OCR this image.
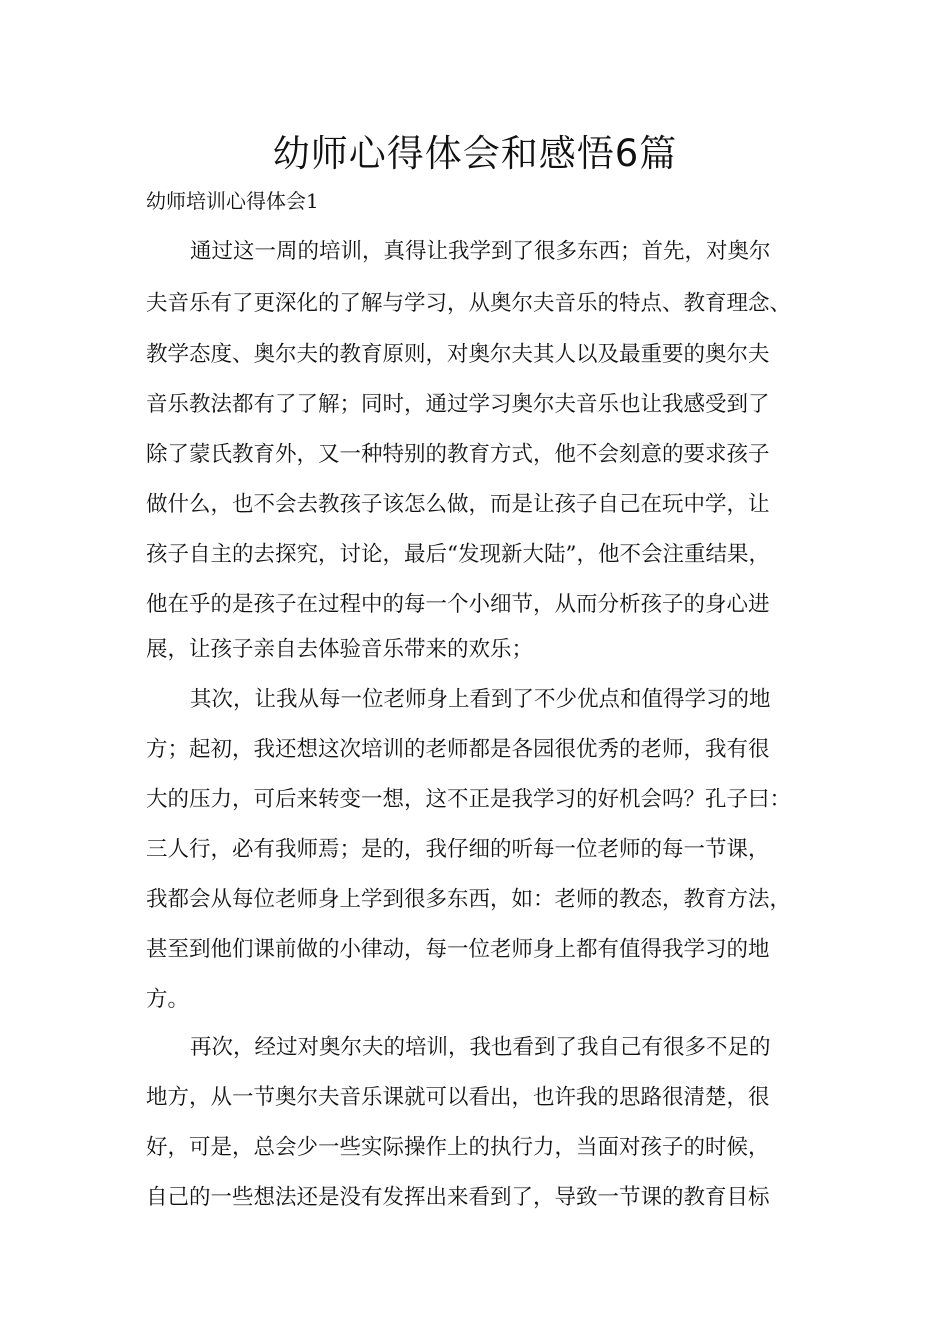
幼师心得体会和感悟6篇
幼师培训心得体会1
通过这一周的培训，真得让我学到了很多东西；首先，对奥尔
夫音乐有了更深化的了解与学习，从奥尔夫音乐的特点、教育理念、
教学态度、奥尔夫的教育原则，对奥尔夫其人以及最重要的奥尔夫
音乐教法都有了了解；同时，通过学习奥尔夫音乐也让我感受到了
除了蒙氏教育外，又一种特别的教育方式，他不会刻意的要求孩子
做什么，也不会去教孩子该怎么做，而是让孩子自己在玩中学，让
孩子自主的去探究，讨论，最后“发现新大陆”，他不会注重结果，
他在乎的是孩子在过程中的每一个小细节，从而分析孩子的身心进
展，让孩子亲自去体验音乐带来的欢乐；
其次，让我从每一位老师身上看到了不少优点和值得学习的地
方；起初，我还想这次培训的老师都是各园很优秀的老师，我有很
大的压力，可后来转变一想，这不正是我学习的好机会吗？孔子曰：
三人行，必有我师焉；是的，我仔细的听每一位老师的每一节课，
我都会从每位老师身上学到很多东西，如：老师的教态，教育方法，
甚至到他们课前做的小律动，每一位老师身上都有值得我学习的地
方。
再次，经过对奥尔夫的培训，我也看到了我自己有很多不足的
地方，从一节奥尔夫音乐课就可以看出，也许我的思路很清楚，很
好，可是，总会少一些实际操作上的执行力，当面对孩子的时候，
自己的一些想法还是没有发挥出来看到了，导致一节课的教育目标
